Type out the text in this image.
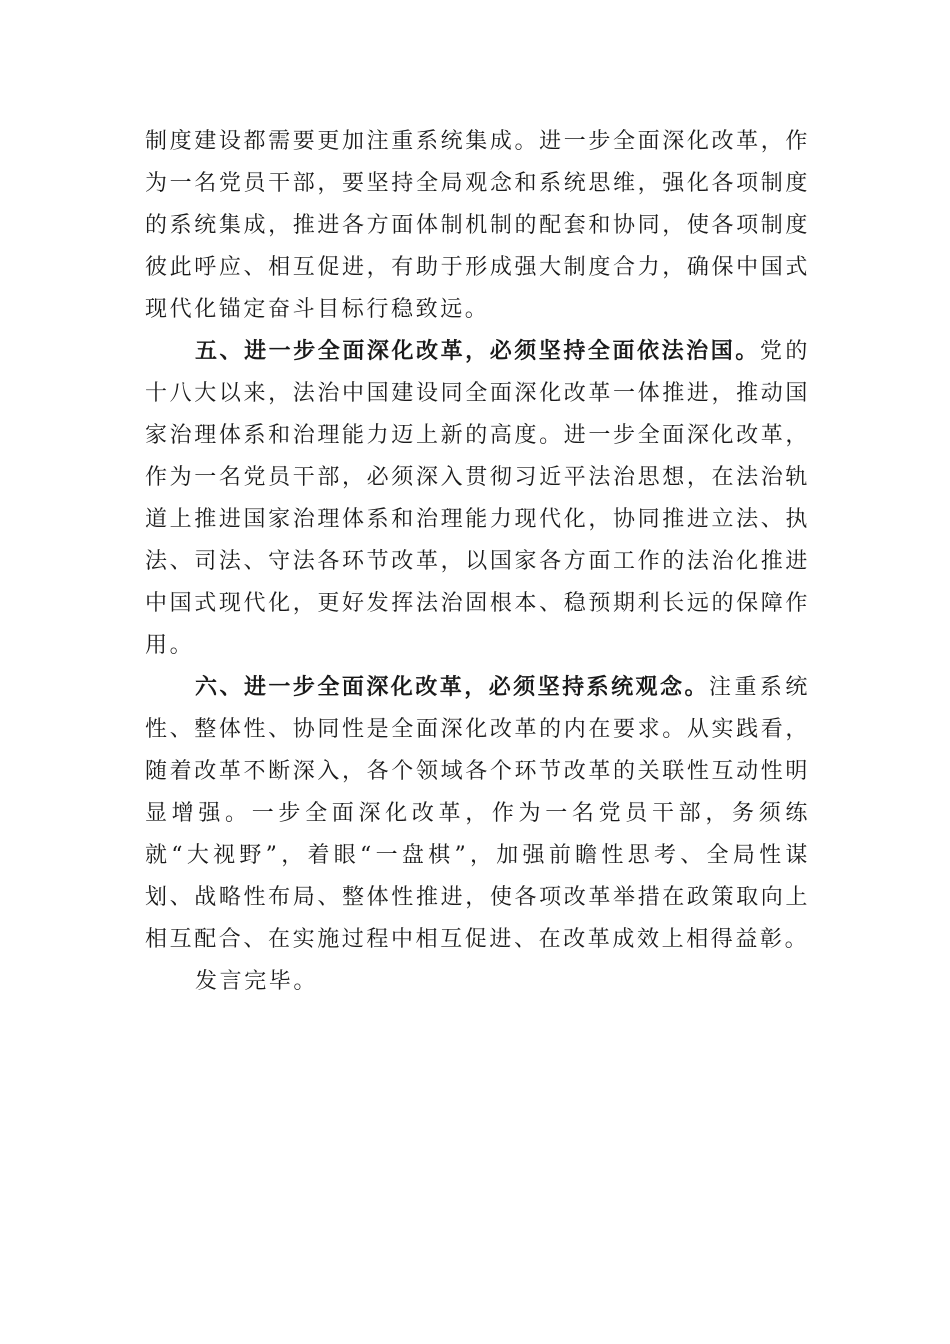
制度建设都需要更加注重系统集成。进一步全面深化改革，作为一名党员干部，要坚持全局观念和系统思维，强化各项制度的系统集成，推进各方面体制机制的配套和协同，使各项制度彼此呼应、相互促进，有助于形成强大制度合力，确保中国式现代化锚定奋斗目标行稳致远。

五、进一步全面深化改革，必须坚持全面依法治国。党的十八大以来，法治中国建设同全面深化改革一体推进，推动国家治理体系和治理能力迈上新的高度。进一步全面深化改革，作为一名党员干部，必须深入贯彻习近平法治思想，在法治轨道上推进国家治理体系和治理能力现代化，协同推进立法、执法、司法、守法各环节改革，以国家各方面工作的法治化推进中国式现代化，更好发挥法治固根本、稳预期利长远的保障作用。

六、进一步全面深化改革，必须坚持系统观念。注重系统性、整体性、协同性是全面深化改革的内在要求。从实践看，随着改革不断深入，各个领域各个环节改革的关联性互动性明显增强。一步全面深化改革，作为一名党员干部，务须练就“大视野”，着眼“一盘棋”，加强前瞻性思考、全局性谋划、战略性布局、整体性推进，使各项改革举措在政策取向上相互配合、在实施过程中相互促进、在改革成效上相得益彰。

发言完毕。
